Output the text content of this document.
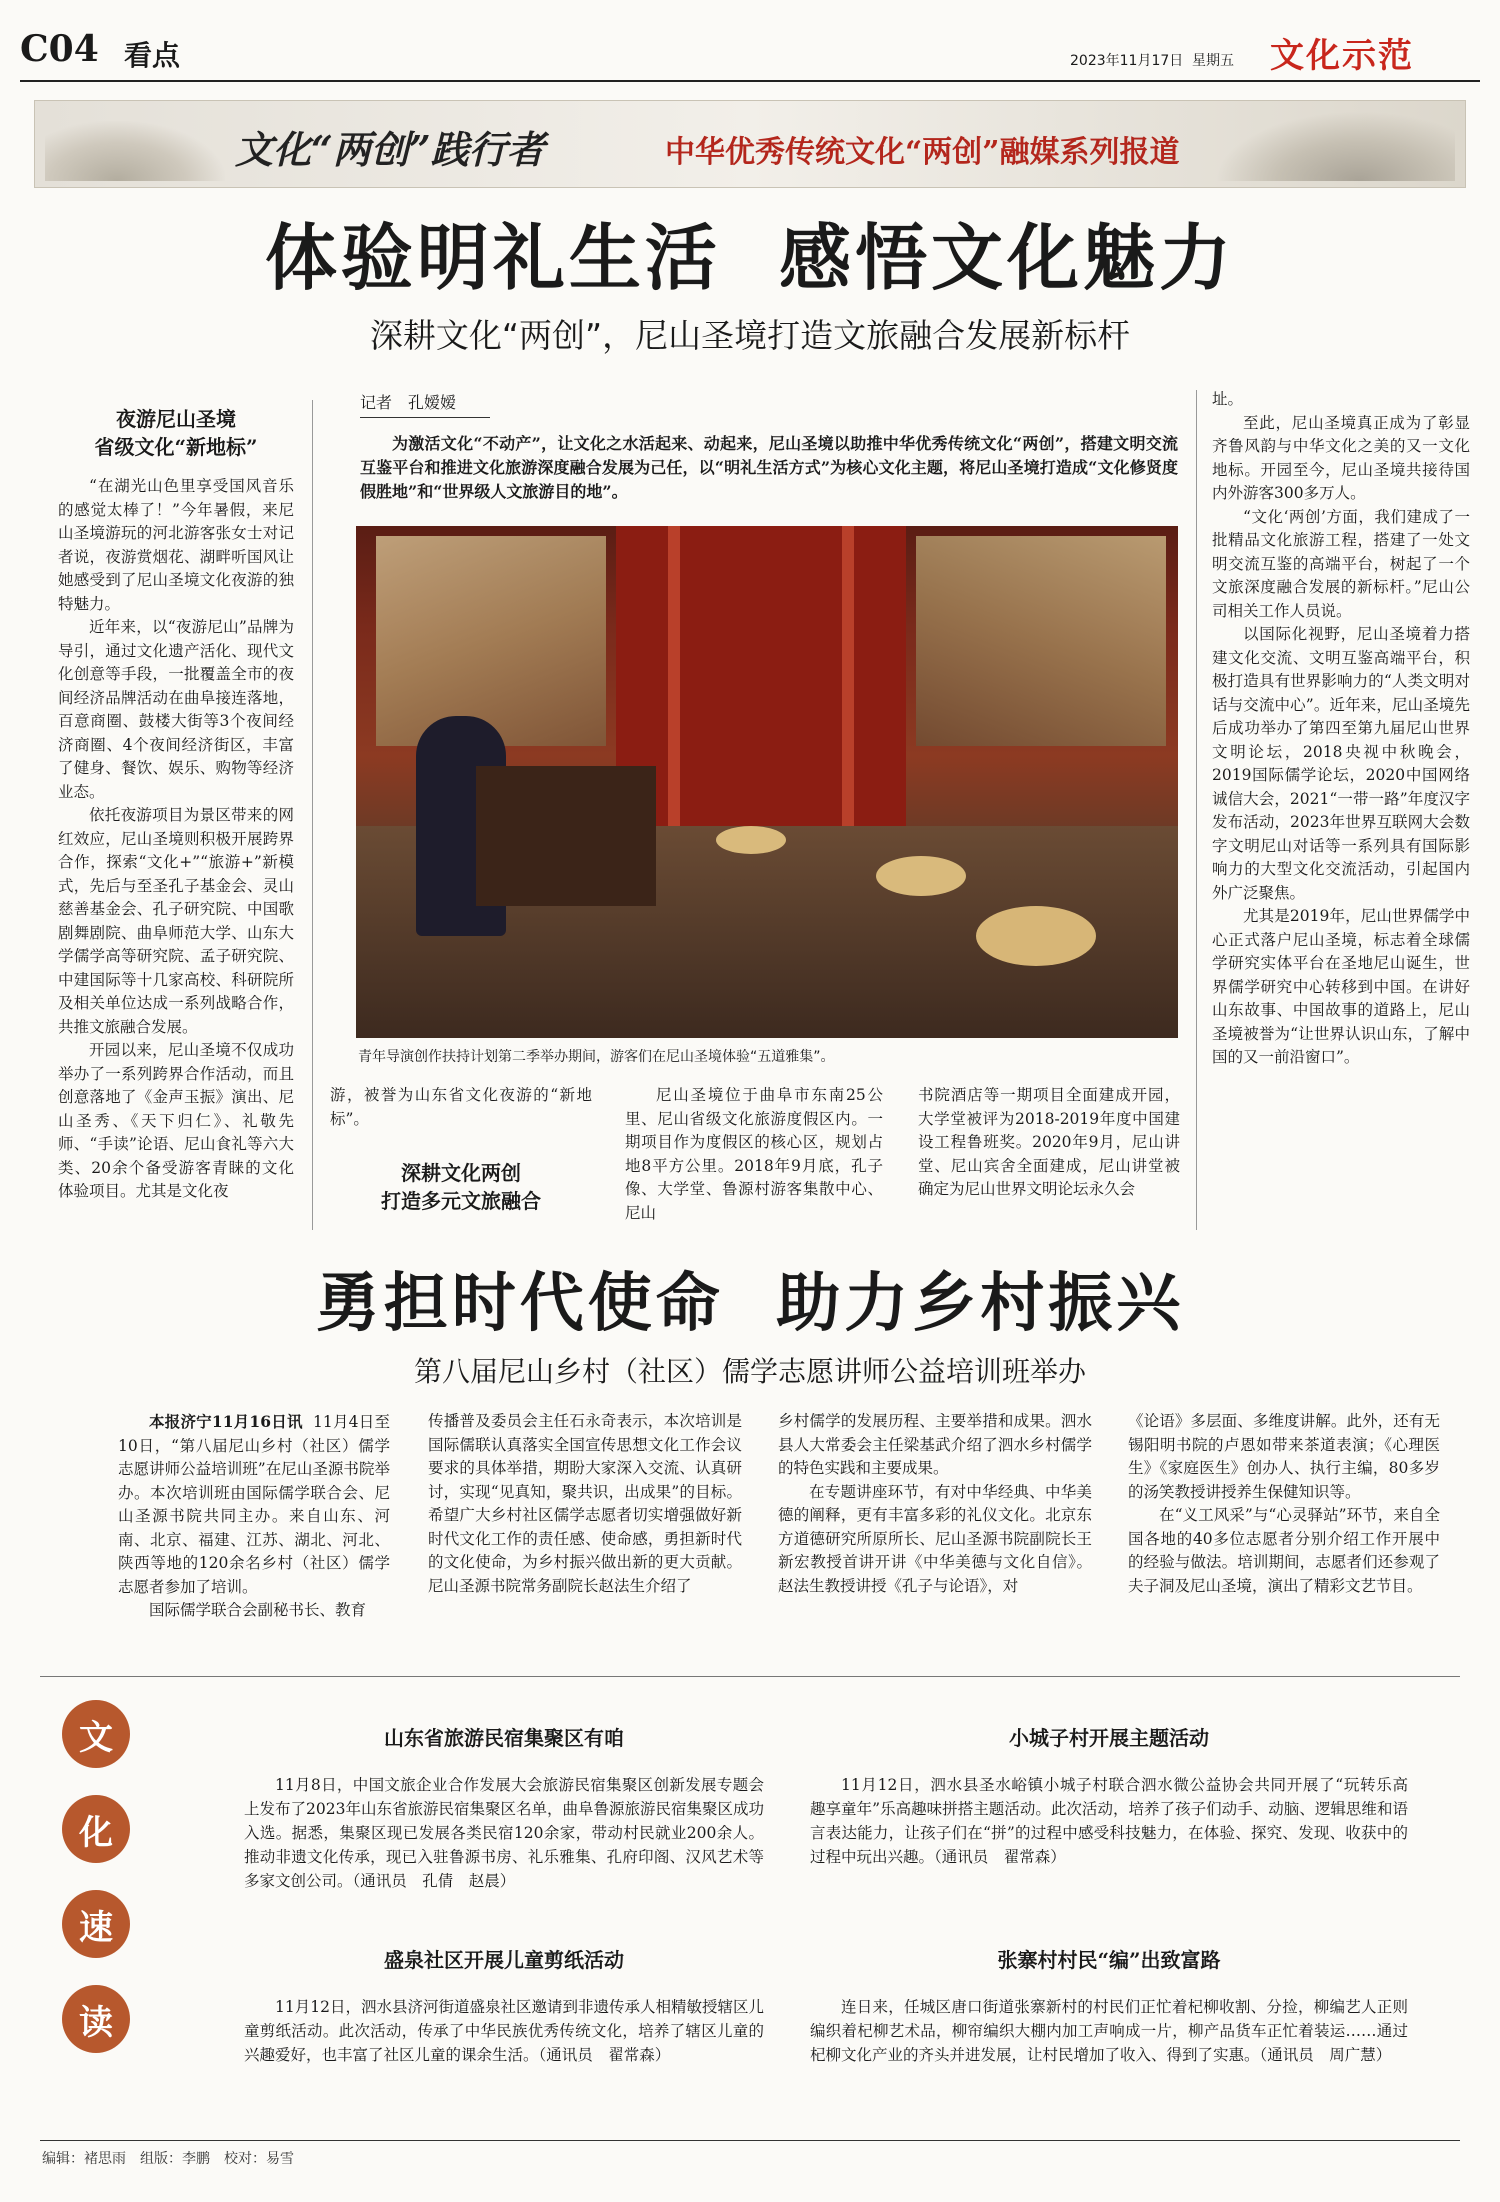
C04 看点	2023年11月17日 星期五 文化示范
文化“两创”践行者	中华优秀传统文化“两创”融媒系列报道
体验明礼生活  感悟文化魅力
深耕文化“两创”，尼山圣境打造文旅融合发展新标杆
夜游尼山圣境
省级文化“新地标”

“在湖光山色里享受国风音乐的感觉太棒了！”今年暑假，来尼山圣境游玩的河北游客张女士对记者说，夜游赏烟花、湖畔听国风让她感受到了尼山圣境文化夜游的独特魅力。

近年来，以“夜游尼山”品牌为导引，通过文化遗产活化、现代文化创意等手段，一批覆盖全市的夜间经济品牌活动在曲阜接连落地，百意商圈、鼓楼大街等3个夜间经济商圈、4个夜间经济街区，丰富了健身、餐饮、娱乐、购物等经济业态。

依托夜游项目为景区带来的网红效应，尼山圣境则积极开展跨界合作，探索“文化+”“旅游+”新模式，先后与至圣孔子基金会、灵山慈善基金会、孔子研究院、中国歌剧舞剧院、曲阜师范大学、山东大学儒学高等研究院、孟子研究院、中建国际等十几家高校、科研院所及相关单位达成一系列战略合作，共推文旅融合发展。

开园以来，尼山圣境不仅成功举办了一系列跨界合作活动，而且创意落地了《金声玉振》演出、尼山圣秀、《天下归仁》、礼敬先师、“手读”论语、尼山食礼等六大类、20余个备受游客青睐的文化体验项目。尤其是文化夜

记者　孔嫒嫒
为激活文化“不动产”，让文化之水活起来、动起来，尼山圣境以助推中华优秀传统文化“两创”，搭建文明交流互鉴平台和推进文化旅游深度融合发展为己任，以“明礼生活方式”为核心文化主题，将尼山圣境打造成“文化修贤度假胜地”和“世界级人文旅游目的地”。
青年导演创作扶持计划第二季举办期间，游客们在尼山圣境体验“五道雅集”。

游，被誉为山东省文化夜游的“新地标”。

深耕文化两创
打造多元文旅融合

尼山圣境位于曲阜市东南25公里、尼山省级文化旅游度假区内。一期项目作为度假区的核心区，规划占地8平方公里。2018年9月底，孔子像、大学堂、鲁源村游客集散中心、尼山

书院酒店等一期项目全面建成开园，大学堂被评为2018-2019年度中国建设工程鲁班奖。2020年9月，尼山讲堂、尼山宾舍全面建成，尼山讲堂被确定为尼山世界文明论坛永久会

址。

至此，尼山圣境真正成为了彰显齐鲁风韵与中华文化之美的又一文化地标。开园至今，尼山圣境共接待国内外游客300多万人。

“文化‘两创’方面，我们建成了一批精品文化旅游工程，搭建了一处文明交流互鉴的高端平台，树起了一个文旅深度融合发展的新标杆。”尼山公司相关工作人员说。

以国际化视野，尼山圣境着力搭建文化交流、文明互鉴高端平台，积极打造具有世界影响力的“人类文明对话与交流中心”。近年来，尼山圣境先后成功举办了第四至第九届尼山世界文明论坛，2018央视中秋晚会，2019国际儒学论坛，2020中国网络诚信大会，2021“一带一路”年度汉字发布活动，2023年世界互联网大会数字文明尼山对话等一系列具有国际影响力的大型文化交流活动，引起国内外广泛聚焦。

尤其是2019年，尼山世界儒学中心正式落户尼山圣境，标志着全球儒学研究实体平台在圣地尼山诞生，世界儒学研究中心转移到中国。在讲好山东故事、中国故事的道路上，尼山圣境被誉为“让世界认识山东，了解中国的又一前沿窗口”。

勇担时代使命  助力乡村振兴
第八届尼山乡村（社区）儒学志愿讲师公益培训班举办

本报济宁11月16日讯 11月4日至10日，“第八届尼山乡村（社区）儒学志愿讲师公益培训班”在尼山圣源书院举办。本次培训班由国际儒学联合会、尼山圣源书院共同主办。来自山东、河南、北京、福建、江苏、湖北、河北、陕西等地的120余名乡村（社区）儒学志愿者参加了培训。

国际儒学联合会副秘书长、教育

传播普及委员会主任石永奇表示，本次培训是国际儒联认真落实全国宣传思想文化工作会议要求的具体举措，期盼大家深入交流、认真研讨，实现“见真知，聚共识，出成果”的目标。希望广大乡村社区儒学志愿者切实增强做好新时代文化工作的责任感、使命感，勇担新时代的文化使命，为乡村振兴做出新的更大贡献。尼山圣源书院常务副院长赵法生介绍了

乡村儒学的发展历程、主要举措和成果。泗水县人大常委会主任梁基武介绍了泗水乡村儒学的特色实践和主要成果。

在专题讲座环节，有对中华经典、中华美德的阐释，更有丰富多彩的礼仪文化。北京东方道德研究所原所长、尼山圣源书院副院长王新宏教授首讲开讲《中华美德与文化自信》。赵法生教授讲授《孔子与论语》，对

《论语》多层面、多维度讲解。此外，还有无锡阳明书院的卢恩如带来茶道表演；《心理医生》《家庭医生》创办人、执行主编，80多岁的汤笑教授讲授养生保健知识等。

在“义工风采”与“心灵驿站”环节，来自全国各地的40多位志愿者分别介绍工作开展中的经验与做法。培训期间，志愿者们还参观了夫子洞及尼山圣境，演出了精彩文艺节目。

文
化
速
读
山东省旅游民宿集聚区有咱

11月8日，中国文旅企业合作发展大会旅游民宿集聚区创新发展专题会上发布了2023年山东省旅游民宿集聚区名单，曲阜鲁源旅游民宿集聚区成功入选。据悉，集聚区现已发展各类民宿120余家，带动村民就业200余人。推动非遗文化传承，现已入驻鲁源书房、礼乐雅集、孔府印阁、汉风艺术等多家文创公司。（通讯员　孔倩　赵晨）

小城子村开展主题活动

11月12日，泗水县圣水峪镇小城子村联合泗水微公益协会共同开展了“玩转乐高　趣享童年”乐高趣味拼搭主题活动。此次活动，培养了孩子们动手、动脑、逻辑思维和语言表达能力，让孩子们在“拼”的过程中感受科技魅力，在体验、探究、发现、收获中的过程中玩出兴趣。（通讯员　翟常森）

盛泉社区开展儿童剪纸活动

11月12日，泗水县济河街道盛泉社区邀请到非遗传承人相精敏授辖区儿童剪纸活动。此次活动，传承了中华民族优秀传统文化，培养了辖区儿童的兴趣爱好，也丰富了社区儿童的课余生活。（通讯员　翟常森）

张寨村村民“编”出致富路

连日来，任城区唐口街道张寨新村的村民们正忙着杞柳收割、分捡，柳编艺人正则编织着杞柳艺术品，柳帘编织大棚内加工声响成一片，柳产品货车正忙着装运……通过杞柳文化产业的齐头并进发展，让村民增加了收入、得到了实惠。（通讯员　周广慧）

编辑：褚思雨　组版：李鹏　校对：易雪
